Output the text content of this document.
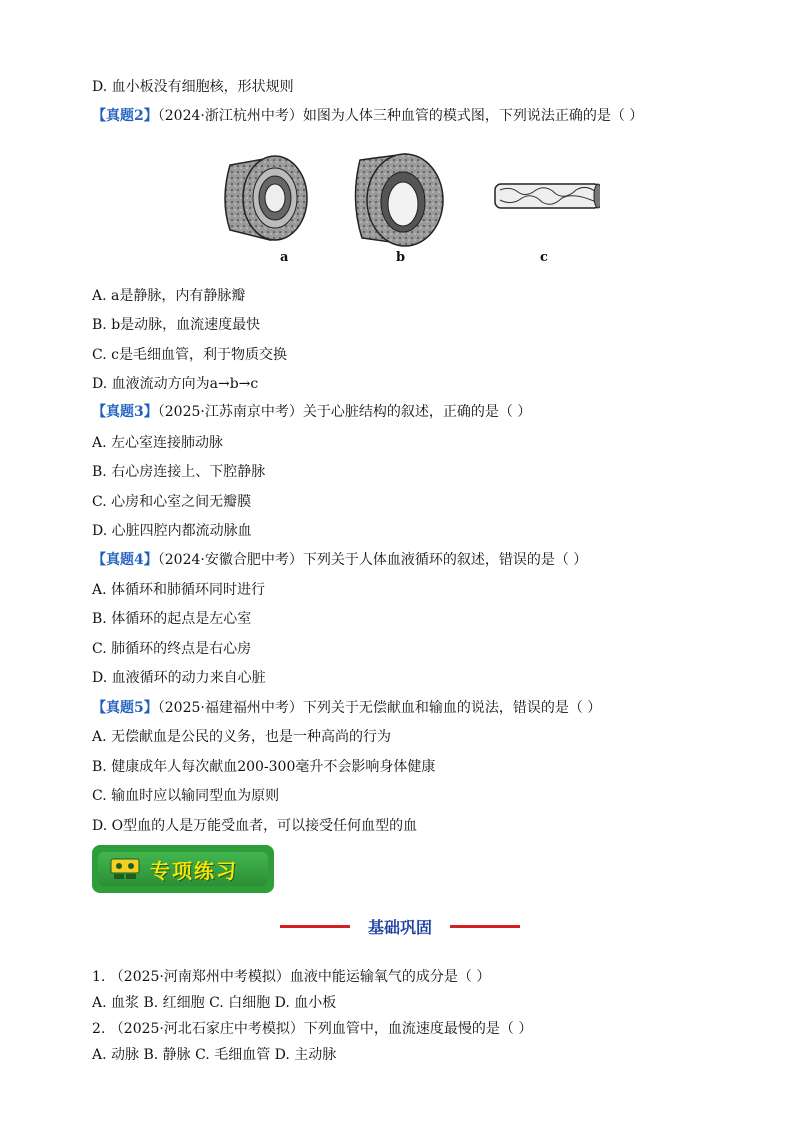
D. 血小板没有细胞核，形状规则
【真题2】（2024·浙江杭州中考）如图为人体三种血管的模式图，下列说法正确的是（ ）
a	b	c
A. a是静脉，内有静脉瓣
B. b是动脉，血流速度最快
C. c是毛细血管，利于物质交换
D. 血液流动方向为a→b→c
【真题3】（2025·江苏南京中考）关于心脏结构的叙述，正确的是（ ）
A. 左心室连接肺动脉
B. 右心房连接上、下腔静脉
C. 心房和心室之间无瓣膜
D. 心脏四腔内都流动脉血
【真题4】（2024·安徽合肥中考）下列关于人体血液循环的叙述，错误的是（ ）
A. 体循环和肺循环同时进行
B. 体循环的起点是左心室
C. 肺循环的终点是右心房
D. 血液循环的动力来自心脏
【真题5】（2025·福建福州中考）下列关于无偿献血和输血的说法，错误的是（ ）
A. 无偿献血是公民的义务，也是一种高尚的行为
B. 健康成年人每次献血200-300毫升不会影响身体健康
C. 输血时应以输同型血为原则
D. O型血的人是万能受血者，可以接受任何血型的血
专项练习
基础巩固
1. （2025·河南郑州中考模拟）血液中能运输氧气的成分是（ ）
A. 血浆 B. 红细胞 C. 白细胞 D. 血小板
2. （2025·河北石家庄中考模拟）下列血管中，血流速度最慢的是（ ）
A. 动脉 B. 静脉 C. 毛细血管 D. 主动脉
